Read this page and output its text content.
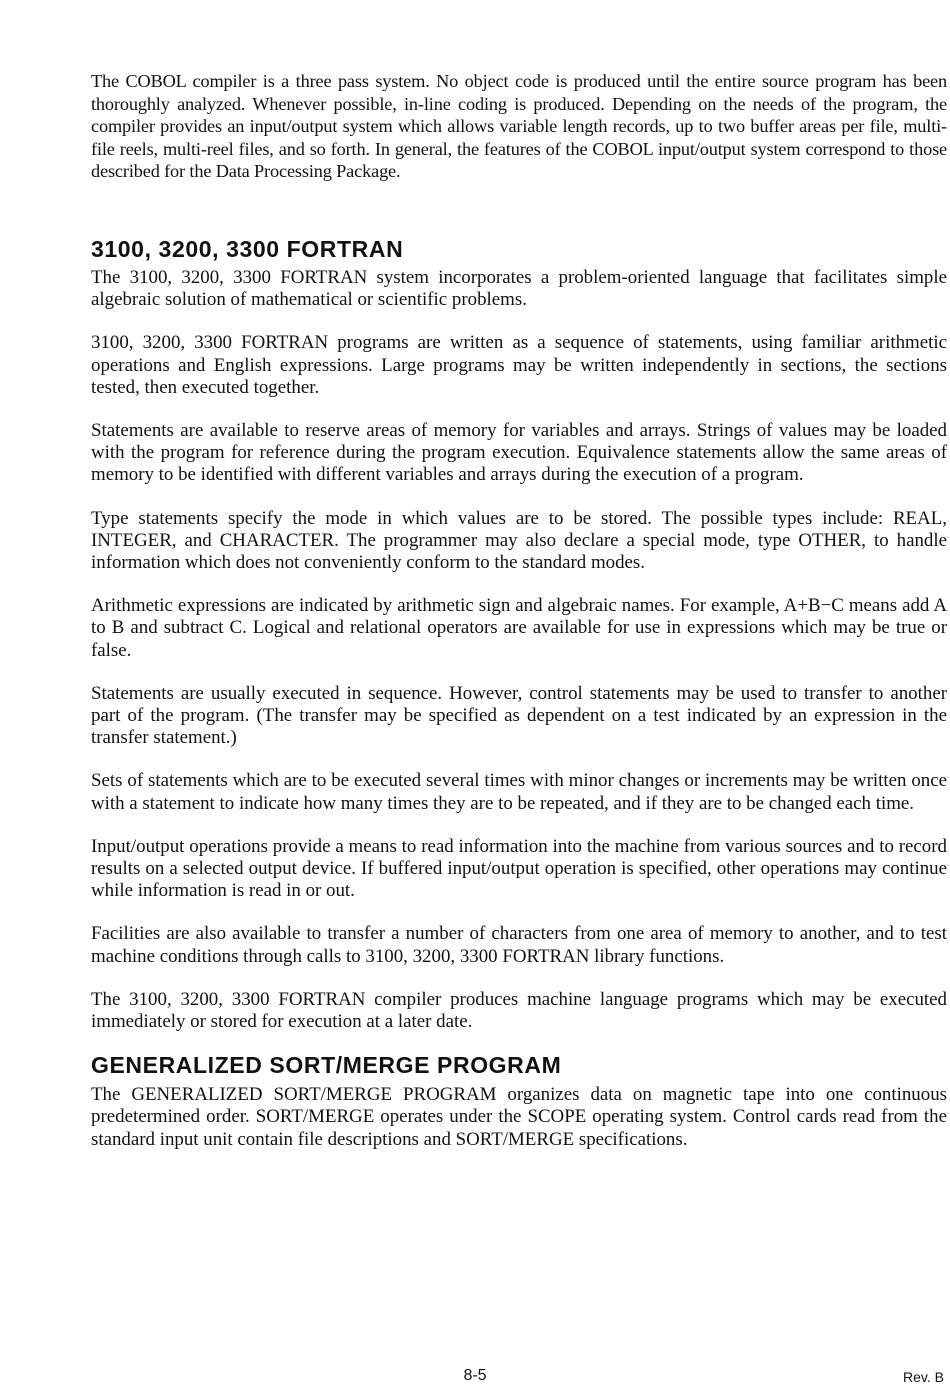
The COBOL compiler is a three pass system. No object code is produced until the entire source program has been thoroughly analyzed. Whenever possible, in-line coding is produced. Depending on the needs of the program, the compiler provides an input/output system which allows variable length records, up to two buffer areas per file, multi-file reels, multi-reel files, and so forth. In general, the features of the COBOL input/output system correspond to those described for the Data Processing Package.

3100, 3200, 3300 FORTRAN

The 3100, 3200, 3300 FORTRAN system incorporates a problem-oriented language that facilitates simple algebraic solution of mathematical or scientific problems.

3100, 3200, 3300 FORTRAN programs are written as a sequence of statements, using familiar arithmetic operations and English expressions. Large programs may be written independently in sections, the sections tested, then executed together.

Statements are available to reserve areas of memory for variables and arrays. Strings of values may be loaded with the program for reference during the program execution. Equivalence statements allow the same areas of memory to be identified with different variables and arrays during the execution of a program.

Type statements specify the mode in which values are to be stored. The possible types include: REAL, INTEGER, and CHARACTER. The programmer may also declare a special mode, type OTHER, to handle information which does not conveniently conform to the standard modes.

Arithmetic expressions are indicated by arithmetic sign and algebraic names. For example, A+B−C means add A to B and subtract C. Logical and relational operators are available for use in expressions which may be true or false.

Statements are usually executed in sequence. However, control statements may be used to transfer to another part of the program. (The transfer may be specified as dependent on a test indicated by an expression in the transfer statement.)

Sets of statements which are to be executed several times with minor changes or increments may be written once with a statement to indicate how many times they are to be repeated, and if they are to be changed each time.

Input/output operations provide a means to read information into the machine from various sources and to record results on a selected output device. If buffered input/output operation is specified, other operations may continue while information is read in or out.

Facilities are also available to transfer a number of characters from one area of memory to another, and to test machine conditions through calls to 3100, 3200, 3300 FORTRAN library functions.

The 3100, 3200, 3300 FORTRAN compiler produces machine language programs which may be executed immediately or stored for execution at a later date.

GENERALIZED SORT/MERGE PROGRAM

The GENERALIZED SORT/MERGE PROGRAM organizes data on magnetic tape into one continuous predetermined order. SORT/MERGE operates under the SCOPE operating system. Control cards read from the standard input unit contain file descriptions and SORT/MERGE specifications.

8-5	Rev. B
